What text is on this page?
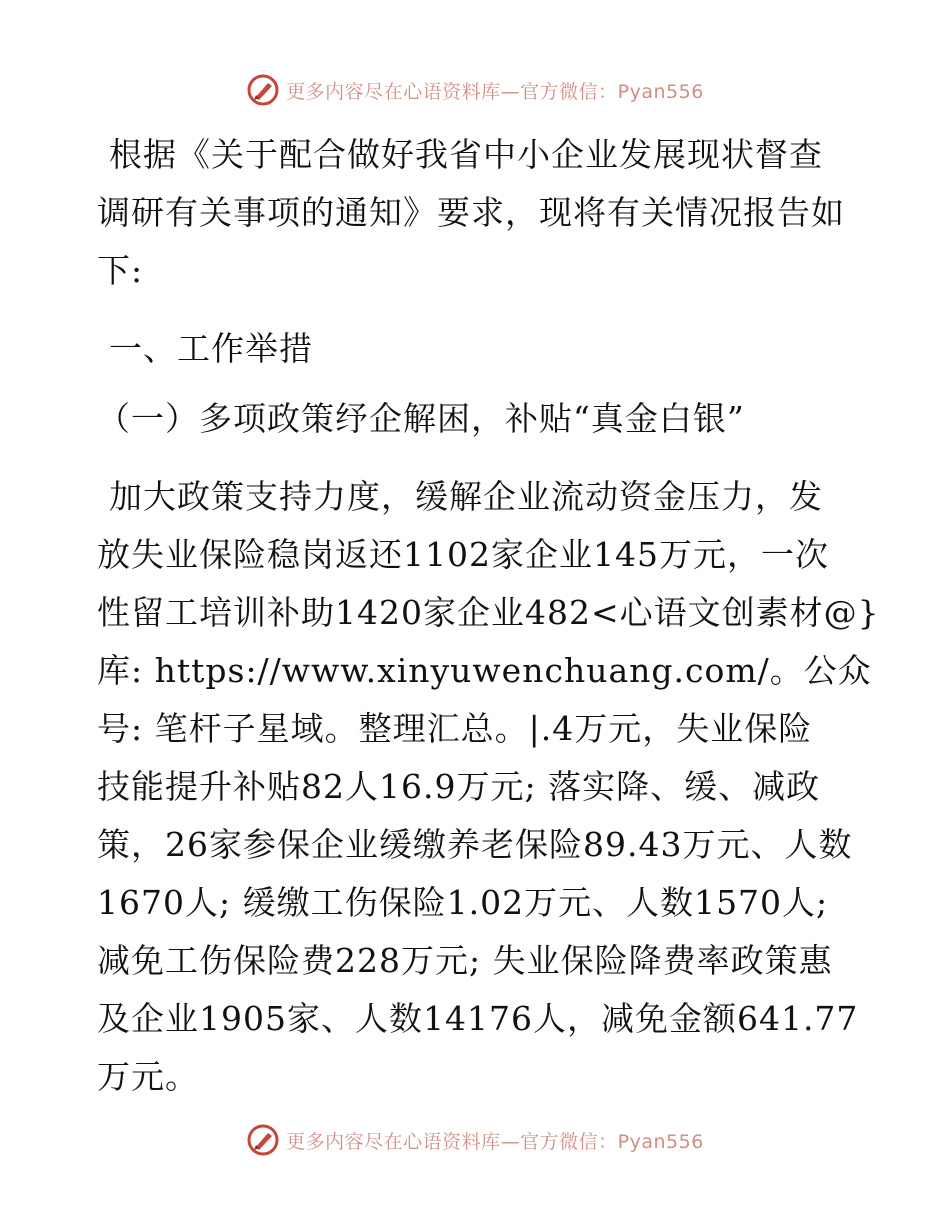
更多内容尽在心语资料库—官方微信：Pyan556
根据《关于配合做好我省中小企业发展现状督查
调研有关事项的通知》要求，现将有关情况报告如
下:
一、工作举措
（一）多项政策纾企解困，补贴“真金白银”
加大政策支持力度，缓解企业流动资金压力，发
放失业保险稳岗返还1102家企业145万元，一次
性留工培训补助1420家企业482<心语文创素材@}
库: https://www.xinyuwenchuang.com/。公众
号: 笔杆子星域。整理汇总。|.4万元，失业保险
技能提升补贴82人16.9万元; 落实降、缓、减政
策，26家参保企业缓缴养老保险89.43万元、人数
1670人; 缓缴工伤保险1.02万元、人数1570人;
减免工伤保险费228万元; 失业保险降费率政策惠
及企业1905家、人数14176人，减免金额641.77
万元。
更多内容尽在心语资料库—官方微信：Pyan556
